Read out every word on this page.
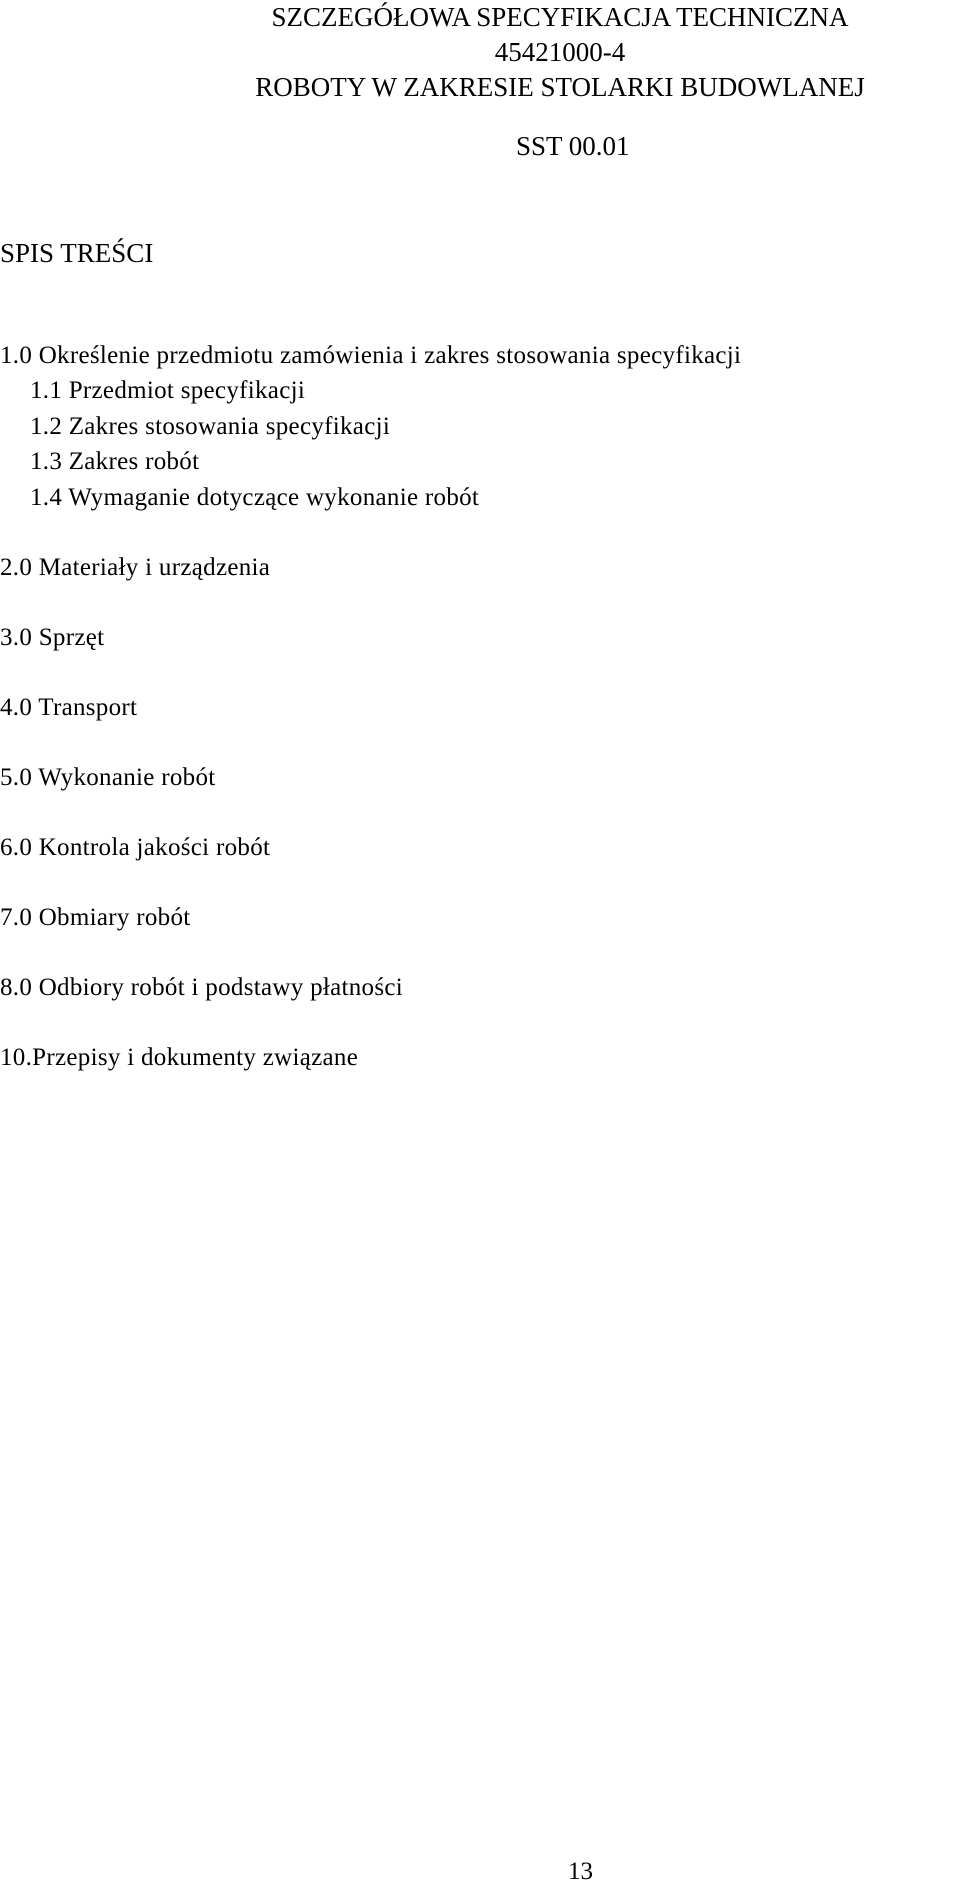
SZCZEGÓŁOWA SPECYFIKACJA TECHNICZNA
45421000-4
ROBOTY W ZAKRESIE STOLARKI BUDOWLANEJ
SST 00.01
SPIS TREŚCI
1.0 Określenie przedmiotu zamówienia i zakres stosowania specyfikacji
1.1 Przedmiot specyfikacji
1.2 Zakres stosowania specyfikacji
1.3 Zakres robót
1.4 Wymaganie dotyczące wykonanie robót
2.0 Materiały i urządzenia
3.0 Sprzęt
4.0 Transport
5.0 Wykonanie robót
6.0 Kontrola jakości robót
7.0 Obmiary robót
8.0 Odbiory robót i podstawy płatności
10.Przepisy i dokumenty związane
13
